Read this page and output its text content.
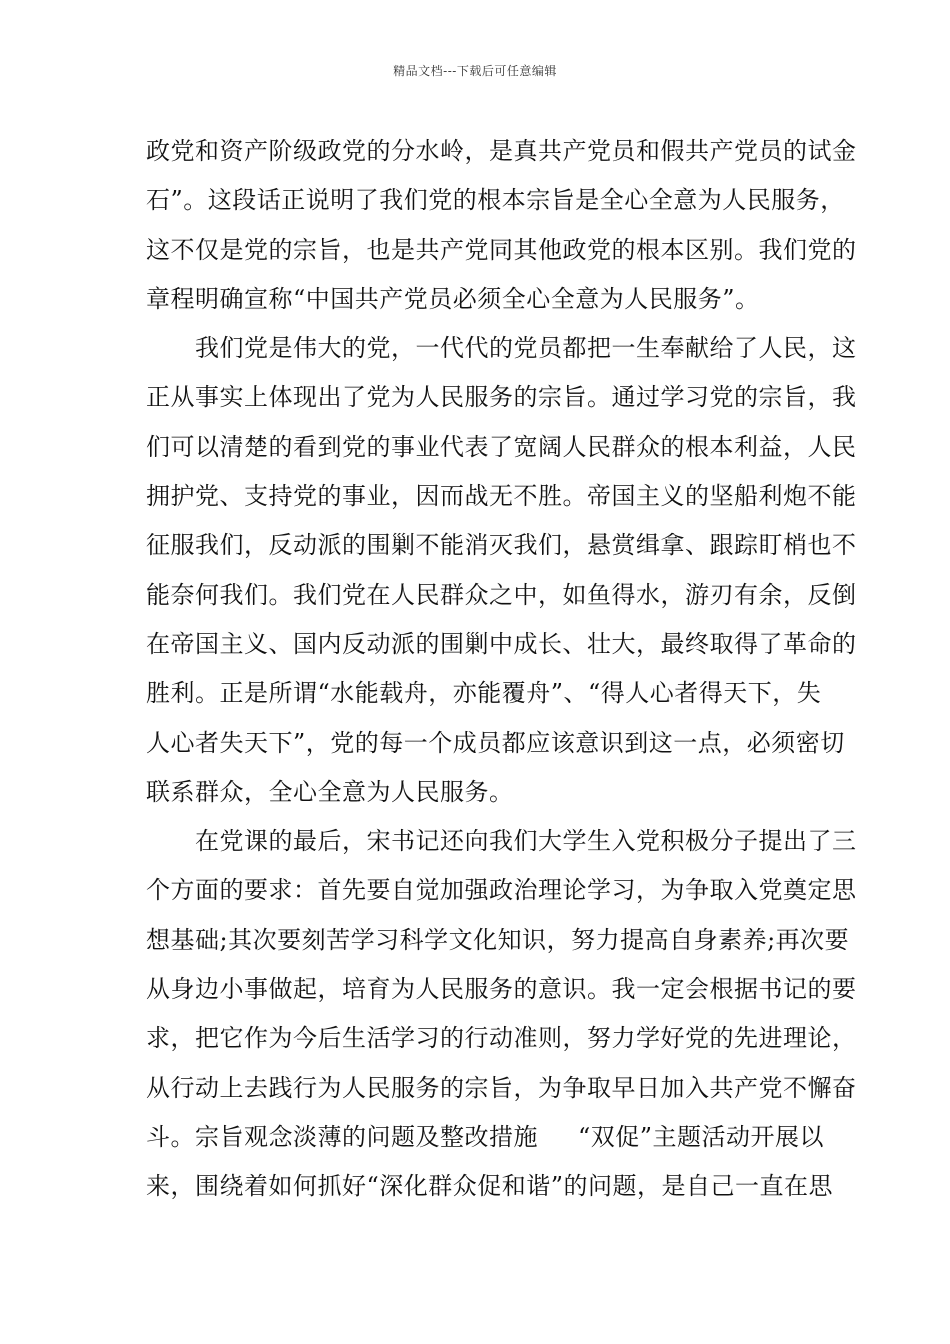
精品文档---下载后可任意编辑
政党和资产阶级政党的分水岭，是真共产党员和假共产党员的试金
石”。这段话正说明了我们党的根本宗旨是全心全意为人民服务，
这不仅是党的宗旨，也是共产党同其他政党的根本区别。我们党的
章程明确宣称“中国共产党员必须全心全意为人民服务”。
　　我们党是伟大的党，一代代的党员都把一生奉献给了人民，这
正从事实上体现出了党为人民服务的宗旨。通过学习党的宗旨，我
们可以清楚的看到党的事业代表了宽阔人民群众的根本利益，人民
拥护党、支持党的事业，因而战无不胜。帝国主义的坚船利炮不能
征服我们，反动派的围剿不能消灭我们，悬赏缉拿、跟踪盯梢也不
能奈何我们。我们党在人民群众之中，如鱼得水，游刃有余，反倒
在帝国主义、国内反动派的围剿中成长、壮大，最终取得了革命的
胜利。正是所谓“水能载舟，亦能覆舟”、“得人心者得天下，失
人心者失天下”，党的每一个成员都应该意识到这一点，必须密切
联系群众，全心全意为人民服务。
　　在党课的最后，宋书记还向我们大学生入党积极分子提出了三
个方面的要求：首先要自觉加强政治理论学习，为争取入党奠定思
想基础;其次要刻苦学习科学文化知识，努力提高自身素养;再次要
从身边小事做起，培育为人民服务的意识。我一定会根据书记的要
求，把它作为今后生活学习的行动准则，努力学好党的先进理论，
从行动上去践行为人民服务的宗旨，为争取早日加入共产党不懈奋
斗。宗旨观念淡薄的问题及整改措施 “双促”主题活动开展以
来，围绕着如何抓好“深化群众促和谐”的问题，是自己一直在思
